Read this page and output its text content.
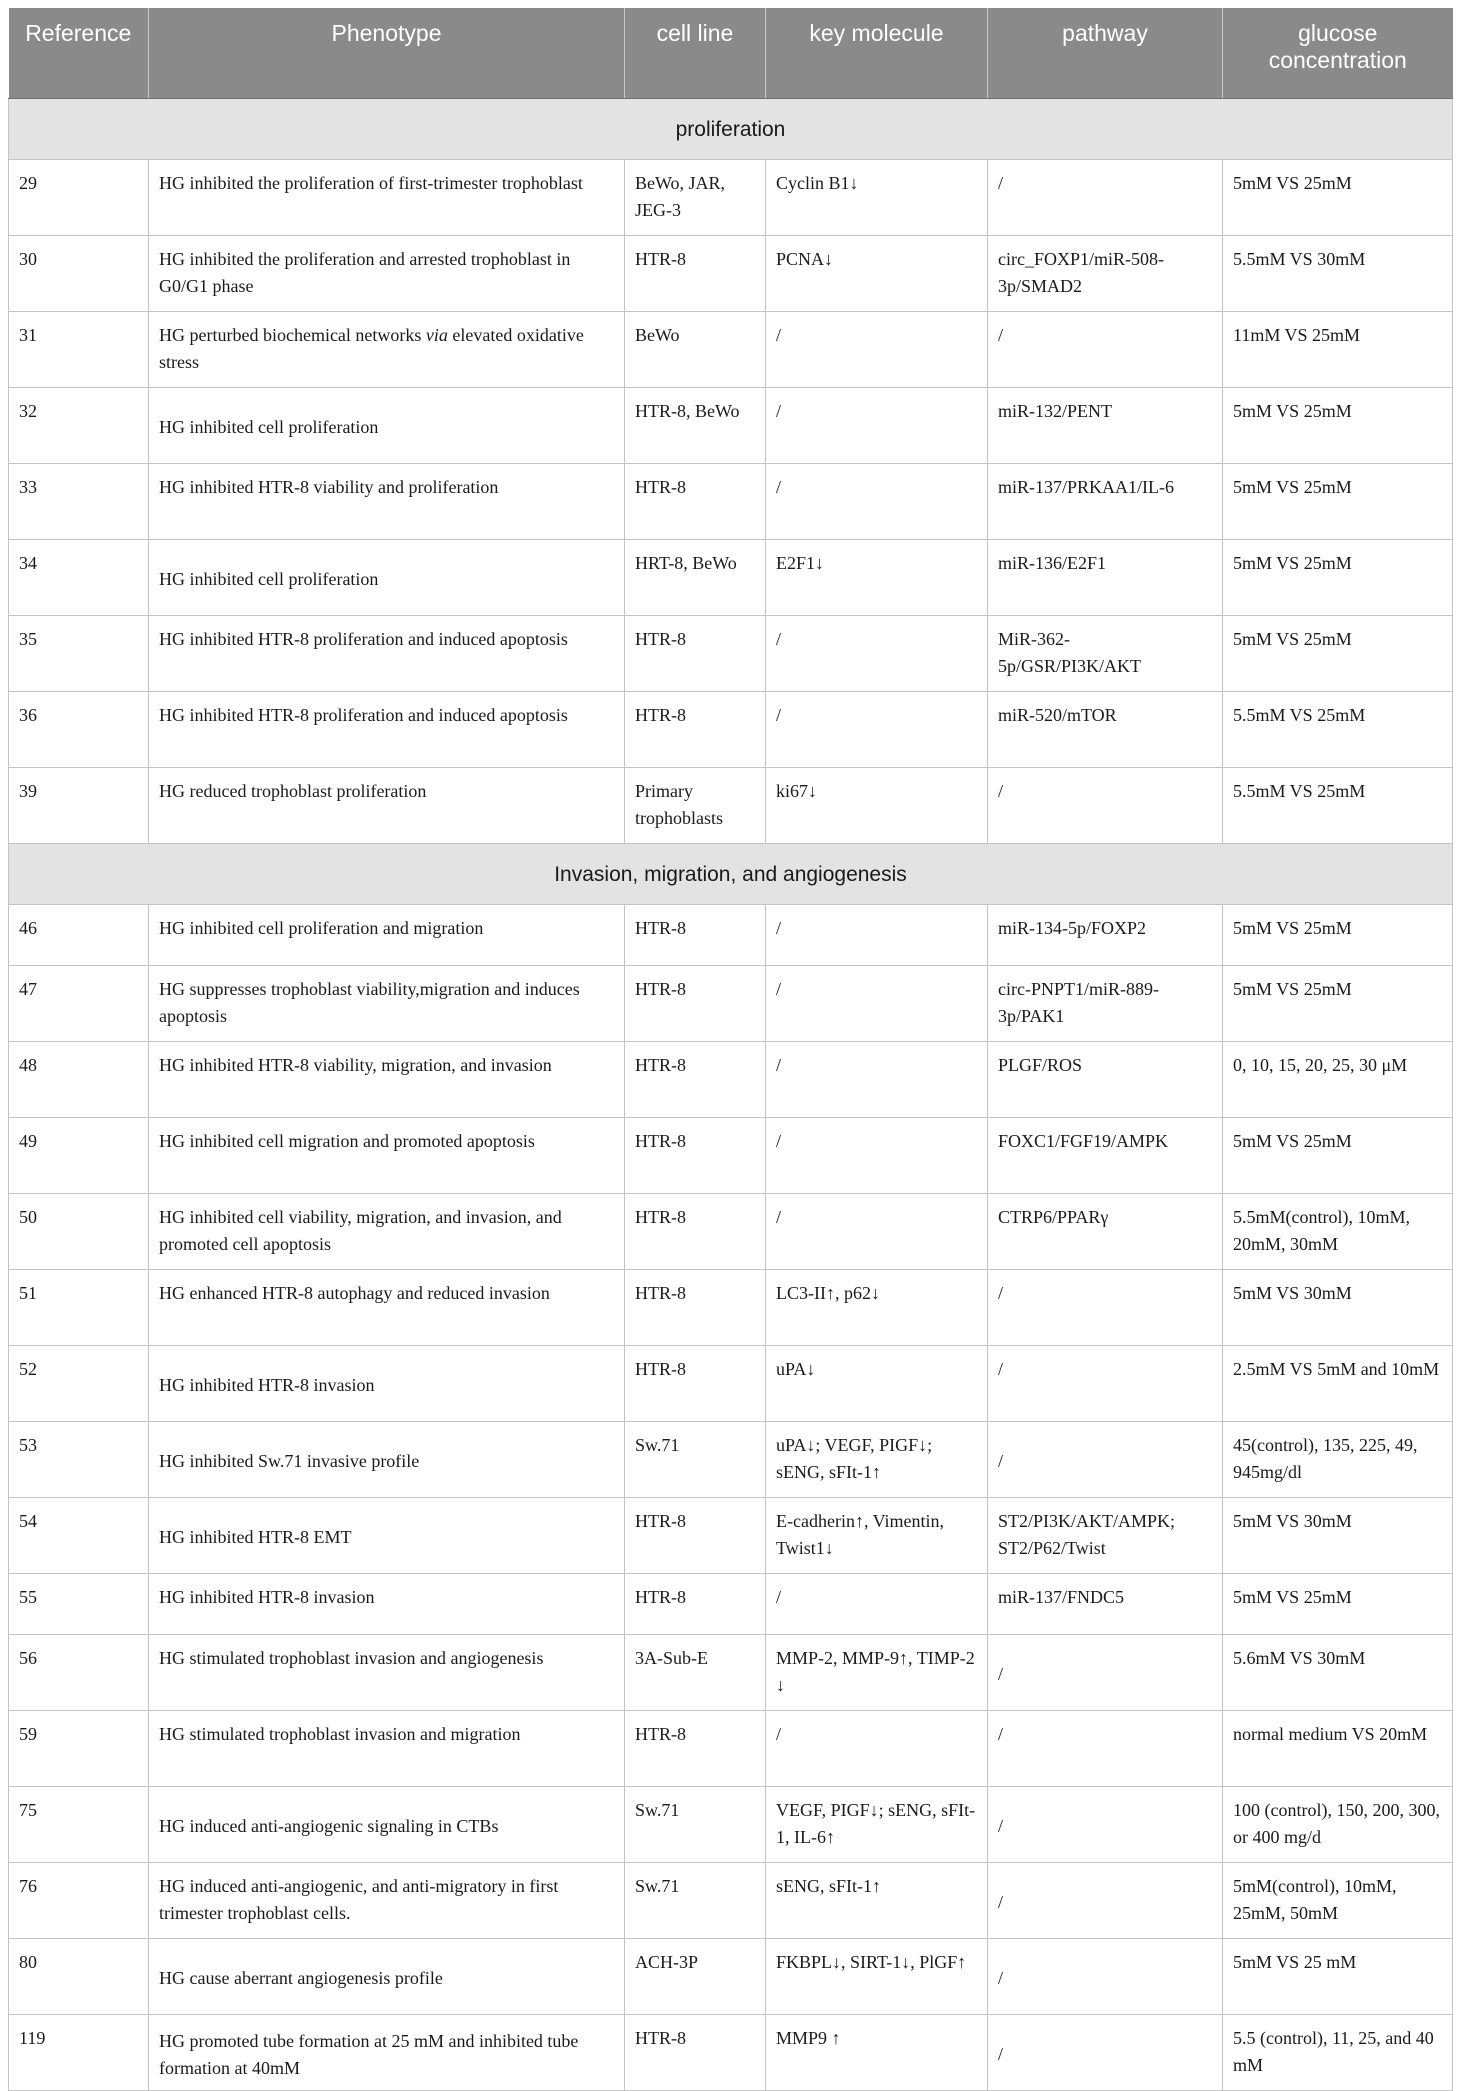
Reference	Phenotype	cell line	key molecule	pathway	glucose concentration
proliferation					
29	HG inhibited the proliferation of first-trimester trophoblast	BeWo, JAR, JEG-3	Cyclin B1↓	/	5mM VS 25mM
30	HG inhibited the proliferation and arrested trophoblast in G0/G1 phase	HTR-8	PCNA↓	circ_FOXP1/miR-508-3p/SMAD2	5.5mM VS 30mM
31	HG perturbed biochemical networks via elevated oxidative stress	BeWo	/	/	11mM VS 25mM
32	HG inhibited cell proliferation	HTR-8, BeWo	/	miR-132/PENT	5mM VS 25mM
33	HG inhibited HTR-8 viability and proliferation	HTR-8	/	miR-137/PRKAA1/IL-6	5mM VS 25mM
34	HG inhibited cell proliferation	HRT-8, BeWo	E2F1↓	miR-136/E2F1	5mM VS 25mM
35	HG inhibited HTR-8 proliferation and induced apoptosis	HTR-8	/	MiR-362-5p/GSR/PI3K/AKT	5mM VS 25mM
36	HG inhibited HTR-8 proliferation and induced apoptosis	HTR-8	/	miR-520/mTOR	5.5mM VS 25mM
39	HG reduced trophoblast proliferation	Primary trophoblasts	ki67↓	/	5.5mM VS 25mM
Invasion, migration, and angiogenesis					
46	HG inhibited cell proliferation and migration	HTR-8	/	miR-134-5p/FOXP2	5mM VS 25mM
47	HG suppresses trophoblast viability,migration and induces apoptosis	HTR-8	/	circ-PNPT1/miR-889-3p/PAK1	5mM VS 25mM
48	HG inhibited HTR-8 viability, migration, and invasion	HTR-8	/	PLGF/ROS	0, 10, 15, 20, 25, 30 μM
49	HG inhibited cell migration and promoted apoptosis	HTR-8	/	FOXC1/FGF19/AMPK	5mM VS 25mM
50	HG inhibited cell viability, migration, and invasion, and promoted cell apoptosis	HTR-8	/	CTRP6/PPARγ	5.5mM(control), 10mM, 20mM, 30mM
51	HG enhanced HTR-8 autophagy and reduced invasion	HTR-8	LC3-II↑, p62↓	/	5mM VS 30mM
52	HG inhibited HTR-8 invasion	HTR-8	uPA↓	/	2.5mM VS 5mM and 10mM
53	HG inhibited Sw.71 invasive profile	Sw.71	uPA↓; VEGF, PIGF↓; sENG, sFIt-1↑	/	45(control), 135, 225, 49, 945mg/dl
54	HG inhibited HTR-8 EMT	HTR-8	E-cadherin↑, Vimentin, Twist1↓	ST2/PI3K/AKT/AMPK; ST2/P62/Twist	5mM VS 30mM
55	HG inhibited HTR-8 invasion	HTR-8	/	miR-137/FNDC5	5mM VS 25mM
56	HG stimulated trophoblast invasion and angiogenesis	3A-Sub-E	MMP-2, MMP-9↑, TIMP-2 ↓	/	5.6mM VS 30mM
59	HG stimulated trophoblast invasion and migration	HTR-8	/	/	normal medium VS 20mM
75	HG induced anti-angiogenic signaling in CTBs	Sw.71	VEGF, PIGF↓; sENG, sFIt-1, IL-6↑	/	100 (control), 150, 200, 300, or 400 mg/d
76	HG induced anti-angiogenic, and anti-migratory in first trimester trophoblast cells.	Sw.71	sENG, sFIt-1↑	/	5mM(control), 10mM, 25mM, 50mM
80	HG cause aberrant angiogenesis profile	ACH-3P	FKBPL↓, SIRT-1↓, PlGF↑	/	5mM VS 25 mM
119	HG promoted tube formation at 25 mM and inhibited tube formation at 40mM	HTR-8	MMP9 ↑	/	5.5 (control), 11, 25, and 40 mM
